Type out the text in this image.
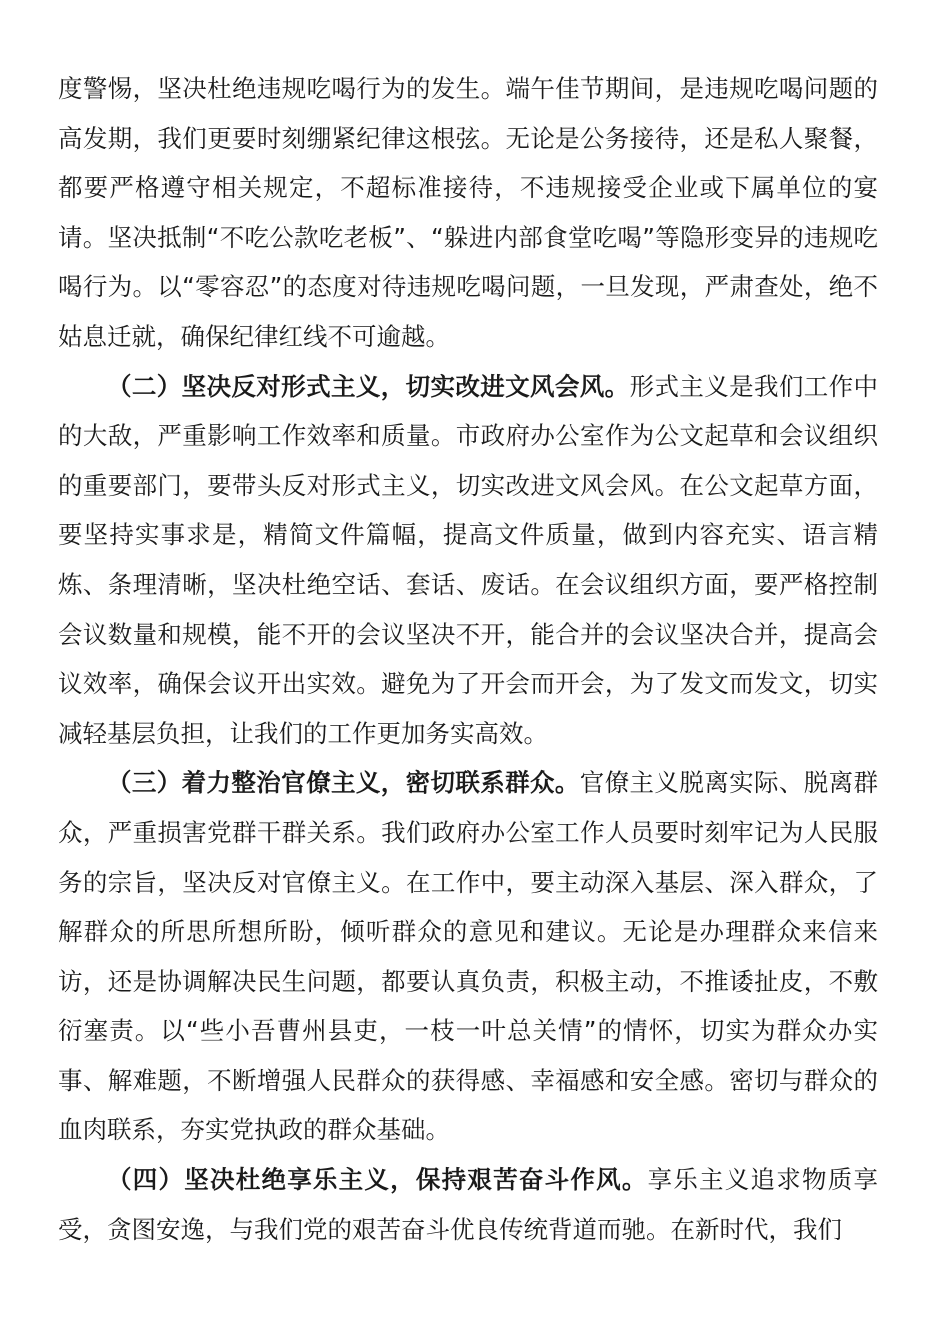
度警惕，坚决杜绝违规吃喝行为的发生。端午佳节期间，是违规吃喝问题的高发期，我们更要时刻绷紧纪律这根弦。无论是公务接待，还是私人聚餐，都要严格遵守相关规定，不超标准接待，不违规接受企业或下属单位的宴请。坚决抵制“不吃公款吃老板”、“躲进内部食堂吃喝”等隐形变异的违规吃喝行为。以“零容忍”的态度对待违规吃喝问题，一旦发现，严肃查处，绝不姑息迁就，确保纪律红线不可逾越。

（二）坚决反对形式主义，切实改进文风会风。形式主义是我们工作中的大敌，严重影响工作效率和质量。市政府办公室作为公文起草和会议组织的重要部门，要带头反对形式主义，切实改进文风会风。在公文起草方面，要坚持实事求是，精简文件篇幅，提高文件质量，做到内容充实、语言精炼、条理清晰，坚决杜绝空话、套话、废话。在会议组织方面，要严格控制会议数量和规模，能不开的会议坚决不开，能合并的会议坚决合并，提高会议效率，确保会议开出实效。避免为了开会而开会，为了发文而发文，切实减轻基层负担，让我们的工作更加务实高效。

（三）着力整治官僚主义，密切联系群众。官僚主义脱离实际、脱离群众，严重损害党群干群关系。我们政府办公室工作人员要时刻牢记为人民服务的宗旨，坚决反对官僚主义。在工作中，要主动深入基层、深入群众，了解群众的所思所想所盼，倾听群众的意见和建议。无论是办理群众来信来访，还是协调解决民生问题，都要认真负责，积极主动，不推诿扯皮，不敷衍塞责。以“些小吾曹州县吏，一枝一叶总关情”的情怀，切实为群众办实事、解难题，不断增强人民群众的获得感、幸福感和安全感。密切与群众的血肉联系，夯实党执政的群众基础。

（四）坚决杜绝享乐主义，保持艰苦奋斗作风。享乐主义追求物质享受，贪图安逸，与我们党的艰苦奋斗优良传统背道而驰。在新时代，我们
